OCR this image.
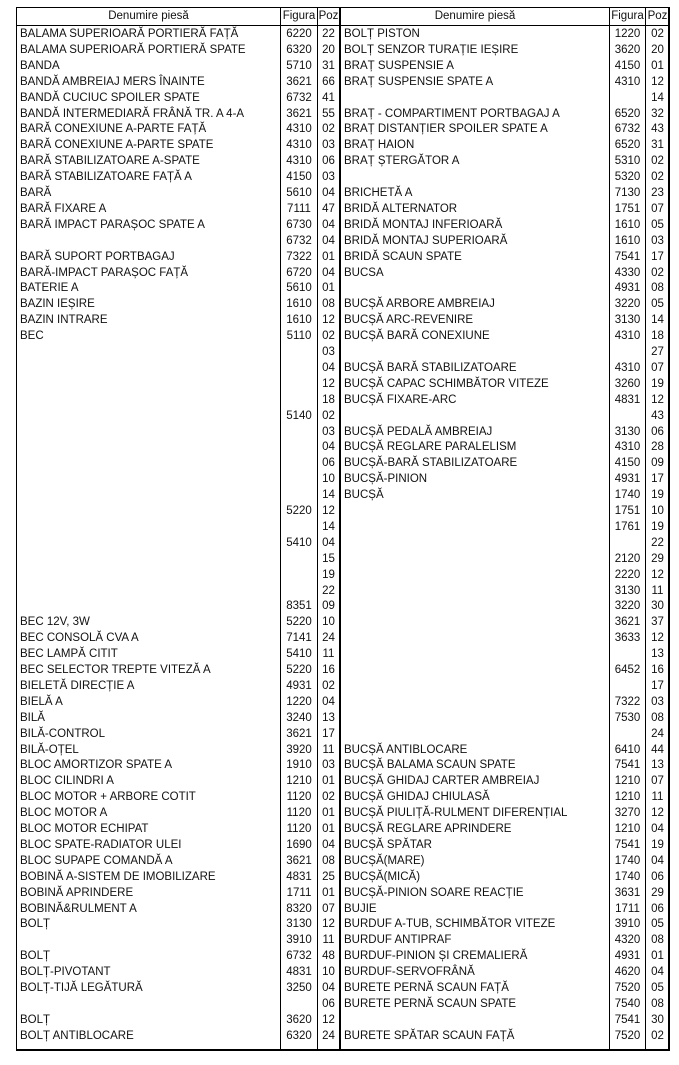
Denumire piesă	Figura Poz	Denumire piesă	Figura Poz
BALAMA SUPERIOARĂ PORTIERĂ FAȚĂ	6220 22
BALAMA SUPERIOARĂ PORTIERĂ SPATE	6320 20
BANDA	5710 31
BANDĂ AMBREIAJ MERS ÎNAINTE	3621 66
BANDĂ CUCIUC SPOILER SPATE	6732 41
BANDĂ INTERMEDIARĂ FRÂNĂ TR. A 4-A	3621 55
BARĂ CONEXIUNE A-PARTE FAȚĂ	4310 02
BARĂ CONEXIUNE A-PARTE SPATE	4310 03
BARĂ STABILIZATOARE A-SPATE	4310 06
BARĂ STABILIZATOARE FAȚĂ A	4150 03
BARĂ	5610 04
BARĂ FIXARE A	7111 47
BARĂ IMPACT PARAȘOC SPATE A	6730 04
6732 04
BARĂ SUPORT PORTBAGAJ	7322 01
BARĂ-IMPACT PARAȘOC FAȚĂ	6720 04
BATERIE A	5610 01
BAZIN IEȘIRE	1610 08
BAZIN INTRARE	1610 12
BEC	5110 02
03
04
12
18
5140 02
03
04
06
10
14
5220 12
14
5410 04
15
19
22
8351 09
BEC 12V, 3W	5220 10
BEC CONSOLĂ CVA A	7141 24
BEC LAMPĂ CITIT	5410 11
BEC SELECTOR TREPTE VITEZĂ A	5220 16
BIELETĂ DIRECȚIE A	4931 02
BIELĂ A	1220 04
BILĂ	3240 13
BILĂ-CONTROL	3621 17
BILĂ-OȚEL	3920 11
BLOC AMORTIZOR SPATE A	1910 03
BLOC CILINDRI A	1210 01
BLOC MOTOR + ARBORE COTIT	1120 02
BLOC MOTOR A	1120 01
BLOC MOTOR ECHIPAT	1120 01
BLOC SPATE-RADIATOR ULEI	1690 04
BLOC SUPAPE COMANDĂ A	3621 08
BOBINĂ A-SISTEM DE IMOBILIZARE	4831 25
BOBINĂ APRINDERE	1711 01
BOBINĂ&RULMENT A	8320 07
BOLȚ	3130 12
3910 11
BOLȚ	6732 48
BOLȚ-PIVOTANT	4831 10
BOLȚ-TIJĂ LEGĂTURĂ	3250 04
06
BOLȚ	3620 12
BOLȚ ANTIBLOCARE	6320 24
BOLȚ PISTON	1220 02
BOLȚ SENZOR TURAȚIE IEȘIRE	3620 20
BRAȚ SUSPENSIE A	4150 01
BRAȚ SUSPENSIE SPATE A	4310 12
14
BRAȚ - COMPARTIMENT PORTBAGAJ A	6520 32
BRAȚ DISTANȚIER SPOILER SPATE A	6732 43
BRAȚ HAION	6520 31
BRAȚ ȘTERGĂTOR A	5310 02
5320 02
BRICHETĂ A	7130 23
BRIDĂ ALTERNATOR	1751 07
BRIDĂ MONTAJ INFERIOARĂ	1610 05
BRIDĂ MONTAJ SUPERIOARĂ	1610 03
BRIDĂ SCAUN SPATE	7541 17
BUCSA	4330 02
4931 08
BUCȘĂ ARBORE AMBREIAJ	3220 05
BUCȘĂ ARC-REVENIRE	3130 14
BUCȘĂ BARĂ CONEXIUNE	4310 18
27
BUCȘĂ BARĂ STABILIZATOARE	4310 07
BUCȘĂ CAPAC SCHIMBĂTOR VITEZE	3260 19
BUCȘĂ FIXARE-ARC	4831 12
43
BUCȘĂ PEDALĂ AMBREIAJ	3130 06
BUCȘĂ REGLARE PARALELISM	4310 28
BUCȘĂ-BARĂ STABILIZATOARE	4150 09
BUCȘĂ-PINION	4931 17
BUCȘĂ	1740 19
1751 10
1761 19
22
2120 29
2220 12
3130 11
3220 30
3621 37
3633 12
13
6452 16
17
7322 03
7530 08
24
BUCȘĂ ANTIBLOCARE	6410 44
BUCȘĂ BALAMA SCAUN SPATE	7541 13
BUCȘĂ GHIDAJ CARTER AMBREIAJ	1210 07
BUCȘĂ GHIDAJ CHIULASĂ	1210 11
BUCȘĂ PIULIȚĂ-RULMENT DIFERENȚIAL	3270 12
BUCȘĂ REGLARE APRINDERE	1210 04
BUCȘĂ SPĂTAR	7541 19
BUCȘĂ(MARE)	1740 04
BUCȘĂ(MICĂ)	1740 06
BUCȘĂ-PINION SOARE REACȚIE	3631 29
BUJIE	1711 06
BURDUF A-TUB, SCHIMBĂTOR VITEZE	3910 05
BURDUF ANTIPRAF	4320 08
BURDUF-PINION ȘI CREMALIERĂ	4931 01
BURDUF-SERVOFRÂNĂ	4620 04
BURETE PERNĂ SCAUN FAȚĂ	7520 05
BURETE PERNĂ SCAUN SPATE	7540 08
7541 30
BURETE SPĂTAR SCAUN FAȚĂ	7520 02
